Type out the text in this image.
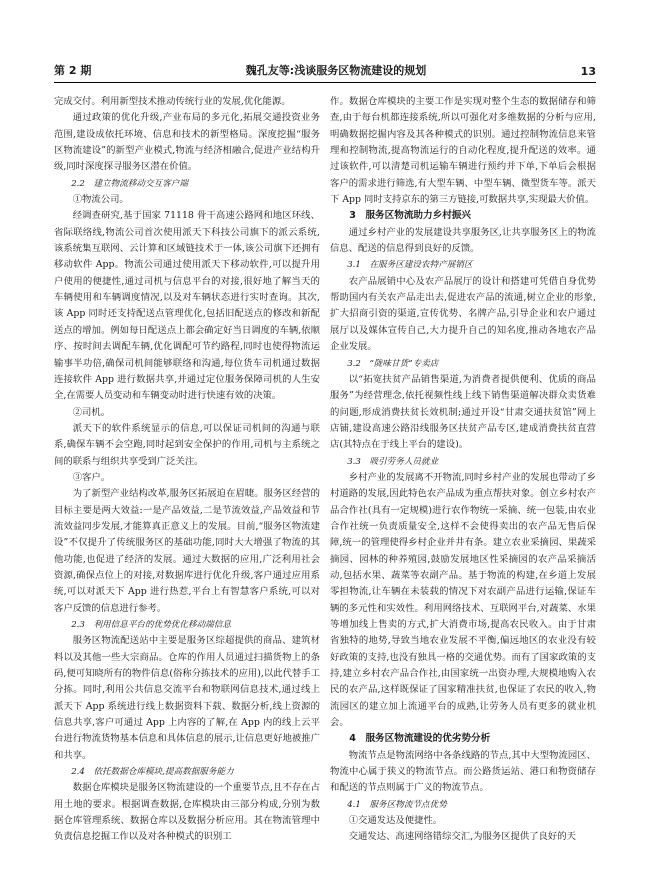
第 2 期	魏孔友等:浅谈服务区物流建设的规划	13

完成交付。利用新型技术推动传统行业的发展,优化能源。

通过政策的优化升级,产业布局的多元化,拓展交通投资业务范围,建设成依托环境、信息和技术的新型格局。深度挖掘“服务区物流建设”的新型产业模式,物流与经济相融合,促进产业结构升级,同时深度探寻服务区潜在价值。

2.2　建立物流移动交互客户端

①物流公司。

经调查研究,基于国家 71118 骨干高速公路网和地区环线、省际联络线,物流公司首次使用派天下科技公司旗下的派云系统,该系统集互联网、云计算和区域链技术于一体,该公司旗下还拥有移动软件 App。物流公司通过使用派天下移动软件,可以提升用户使用的便捷性,通过司机与信息平台的对接,很好地了解当天的车辆使用和车辆调度情况,以及对车辆状态进行实时查询。其次,该 App 同时还支持配送点管理优化,包括旧配送点的修改和新配送点的增加。例如每日配送点上都会确定好当日调度的车辆,依顺序、按时间去调配车辆,优化调配可节约路程,同时也使得物流运输事半功倍,确保司机间能够联络和沟通,每位货车司机通过数据连接软件 App 进行数据共享,并通过定位服务保障司机的人生安全,在需要人员变动和车辆变动时进行快速有效的决策。

②司机。

派天下的软件系统显示的信息,可以保证司机间的沟通与联系,确保车辆不会空跑,同时起到安全保护的作用,司机与主系统之间的联系与组织共享受到广泛关注。

③客户。

为了新型产业结构改革,服务区拓展迫在眉睫。服务区经营的目标主要是两大效益:一是产品效益,二是节流效益,产品效益和节流效益同步发展,才能算真正意义上的发展。目前,“服务区物流建设”不仅提升了传统服务区的基础功能,同时大大增强了物流的其他功能,也促进了经济的发展。通过大数据的应用,广泛利用社会资源,确保点位上的对接,对数据库进行优化升级,客户通过应用系统,可以对派天下 App 进行热惹,平台上有智慧客户系统,可以对客户反馈的信息进行参考。

2.3　利用信息平台的优势优化移动端信息

服务区物流配送站中主要是服务区综超提供的商品、建筑材料以及其他一些大宗商品。仓库的作用人员通过扫描货物上的条码,便可知晓所有的物件信息(俗称分拣技术的应用),以此代替手工分拣。同时,利用公共信息交流平台和物联网信息技术,通过线上派天下 App 系统进行线上数据资料下载、数据分析,线上资源的信息共享,客户可通过 App 上内容的了解,在 App 内的线上云平台进行物流货物基本信息和具体信息的展示,让信息更好地被推广和共享。

2.4　依托数据仓库模块,提高数据服务能力

数据仓库模块是服务区物流建设的一个重要节点,且不存在占用土地的要求。根据调查数据,仓库模块由三部分构成,分别为数据仓库管理系统、数据仓库以及数据分析应用。其在物流管理中负责信息挖掘工作以及对各种模式的识别工

作。数据仓库模块的主要工作是实现对整个生态的数据储存和筛查,由于每台机都连接系统,所以可强化对多维数据的分析与应用,明确数据挖掘内容及其各种模式的识别。通过控制物流信息来管理和控制物流,提高物流运行的自动化程度,提升配送的效率。通过该软件,可以清楚司机运输车辆进行预约并下单,下单后会根据客户的需求进行筛选,有大型车辆、中型车辆、微型货车等。派天下 App 同时支持京东的第三方链接,可数据共享,实现最大价值。

3　服务区物流助力乡村振兴

通过乡村产业的发展建设共享服务区,让共享服务区上的物流信息、配送的信息得到良好的反馈。

3.1　在服务区建设农特产展销区

农产品展销中心及农产品展厅的设计和搭建可凭借自身优势帮助国内有关农产品走出去,促进农产品的流通,树立企业的形象,扩大招商引资的渠道,宣传优势、名牌产品,引导企业和农户通过展厅以及媒体宣传自己,大力提升自己的知名度,推动各地农产品企业发展。

3.2　“陇味甘货”专卖店

以“拓宽扶贫产品销售渠道,为消费者提供便利、优质的商品服务”为经营理念,依托视频性线上线下销售渠道解决群众卖货难的问题,形成消费扶贫长效机制;通过开设“甘肃交通扶贫馆”网上店铺,建设高速公路沿线服务区扶贫产品专区,建成消费扶贫直营店(其特点在于线上平台的建设)。

3.3　吸引劳务人员就业

乡村产业的发展离不开物流,同时乡村产业的发展也带动了乡村道路的发展,因此特色农产品成为重点帮扶对象。创立乡村农产品合作社(具有一定规模)进行农作物统一采摘、统一包装,由农业合作社统一负责质量安全,这样不会使得卖出的农产品无售后保障,统一的管理使得乡村企业并井有条。建立农业采摘园、果蔬采摘园、园林的种养殖园,鼓励发展地区性采摘园的农产品采摘活动,包括水果、蔬菜等农副产品。基于物流的构建,在乡道上发展零担物流,让车辆在未装载的情况下对农副产品进行运输,保证车辆的多元性和实效性。利用网络技术、互联网平台,对蔬菜、水果等增加线上售卖的方式,扩大消费市场,提高农民收入。由于甘肃省独特的地势,导致当地农业发展不平衡,偏远地区的农业没有较好政策的支持,也没有独具一格的交通优势。而有了国家政策的支持,建立乡村农产品合作社,由国家统一出资办理,大规模地购入农民的农产品,这样既保证了国家精准扶贫,也保证了农民的收入,物流园区的建立加上流通平台的成熟,让劳务人员有更多的就业机会。

4　服务区物流建设的优劣势分析

物流节点是物流网络中各条线路的节点,其中大型物流园区、物流中心属于狭义的物流节点。而公路货运站、港口和物资储存和配送的节点则属于广义的物流节点。

4.1　服务区物流节点优势

①交通发达及便捷性。

交通发达、高速网络错综交汇,为服务区提供了良好的天
